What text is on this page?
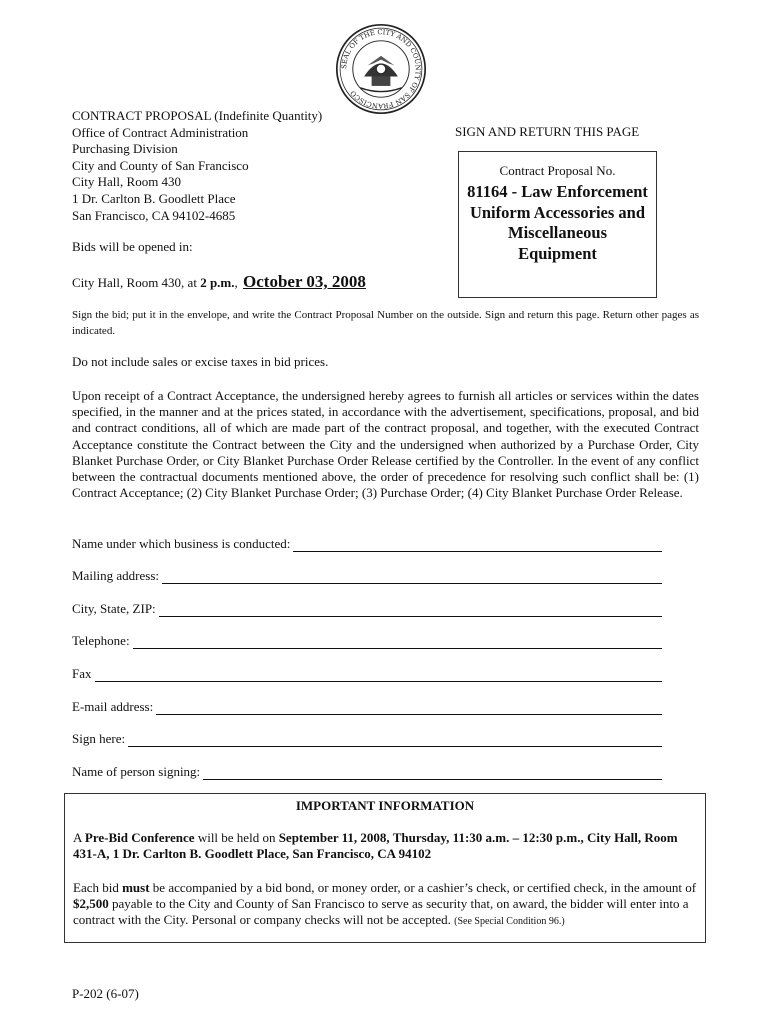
SEAL OF THE CITY AND COUNTY OF SAN FRANCISCO
CONTRACT PROPOSAL (Indefinite Quantity)
Office of Contract Administration
Purchasing Division
City and County of San Francisco
City Hall, Room 430
1 Dr. Carlton B. Goodlett Place
San Francisco, CA 94102-4685
Bids will be opened in:
City Hall, Room 430, at 2 p.m., October 03, 2008
SIGN AND RETURN THIS PAGE
Contract Proposal No.
81164 - Law Enforcement Uniform Accessories and Miscellaneous Equipment
Sign the bid; put it in the envelope, and write the Contract Proposal Number on the outside. Sign and return this page. Return other pages as indicated.
Do not include sales or excise taxes in bid prices.
Upon receipt of a Contract Acceptance, the undersigned hereby agrees to furnish all articles or services within the dates specified, in the manner and at the prices stated, in accordance with the advertisement, specifications, proposal, and bid and contract conditions, all of which are made part of the contract proposal, and together, with the executed Contract Acceptance constitute the Contract between the City and the undersigned when authorized by a Purchase Order, City Blanket Purchase Order, or City Blanket Purchase Order Release certified by the Controller. In the event of any conflict between the contractual documents mentioned above, the order of precedence for resolving such conflict shall be: (1) Contract Acceptance; (2) City Blanket Purchase Order; (3) Purchase Order; (4) City Blanket Purchase Order Release.
Name under which business is conducted:
Mailing address:
City, State, ZIP:
Telephone:
Fax
E-mail address:
Sign here:
Name of person signing:
IMPORTANT INFORMATION
A Pre-Bid Conference will be held on September 11, 2008, Thursday, 11:30 a.m. – 12:30 p.m., City Hall, Room 431-A, 1 Dr. Carlton B. Goodlett Place, San Francisco, CA 94102
Each bid must be accompanied by a bid bond, or money order, or a cashier’s check, or certified check, in the amount of $2,500 payable to the City and County of San Francisco to serve as security that, on award, the bidder will enter into a contract with the City. Personal or company checks will not be accepted. (See Special Condition 96.)
P-202 (6-07)
